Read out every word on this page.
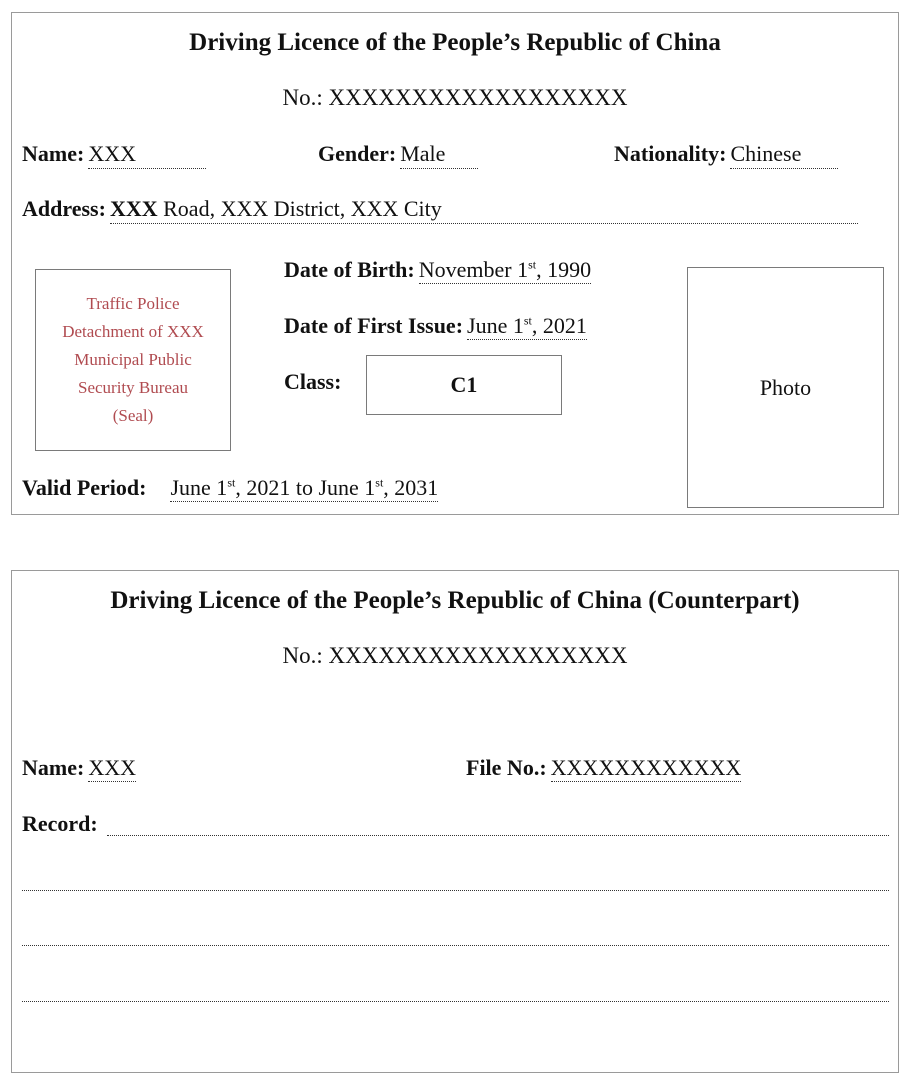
Driving Licence of the People’s Republic of China
No.: XXXXXXXXXXXXXXXXXX
Name: XXX	Gender: Male	Nationality: Chinese
Address: XXX Road, XXX District, XXX City
Traffic Police
Detachment of XXX
Municipal Public
Security Bureau
(Seal)
Date of Birth: November 1st, 1990
Date of First Issue: June 1st, 2021
Class:	C1	Photo
Valid Period: June 1st, 2021 to June 1st, 2031
Driving Licence of the People’s Republic of China (Counterpart)
No.: XXXXXXXXXXXXXXXXXX
Name: XXX	File No.: XXXXXXXXXXXX
Record:
